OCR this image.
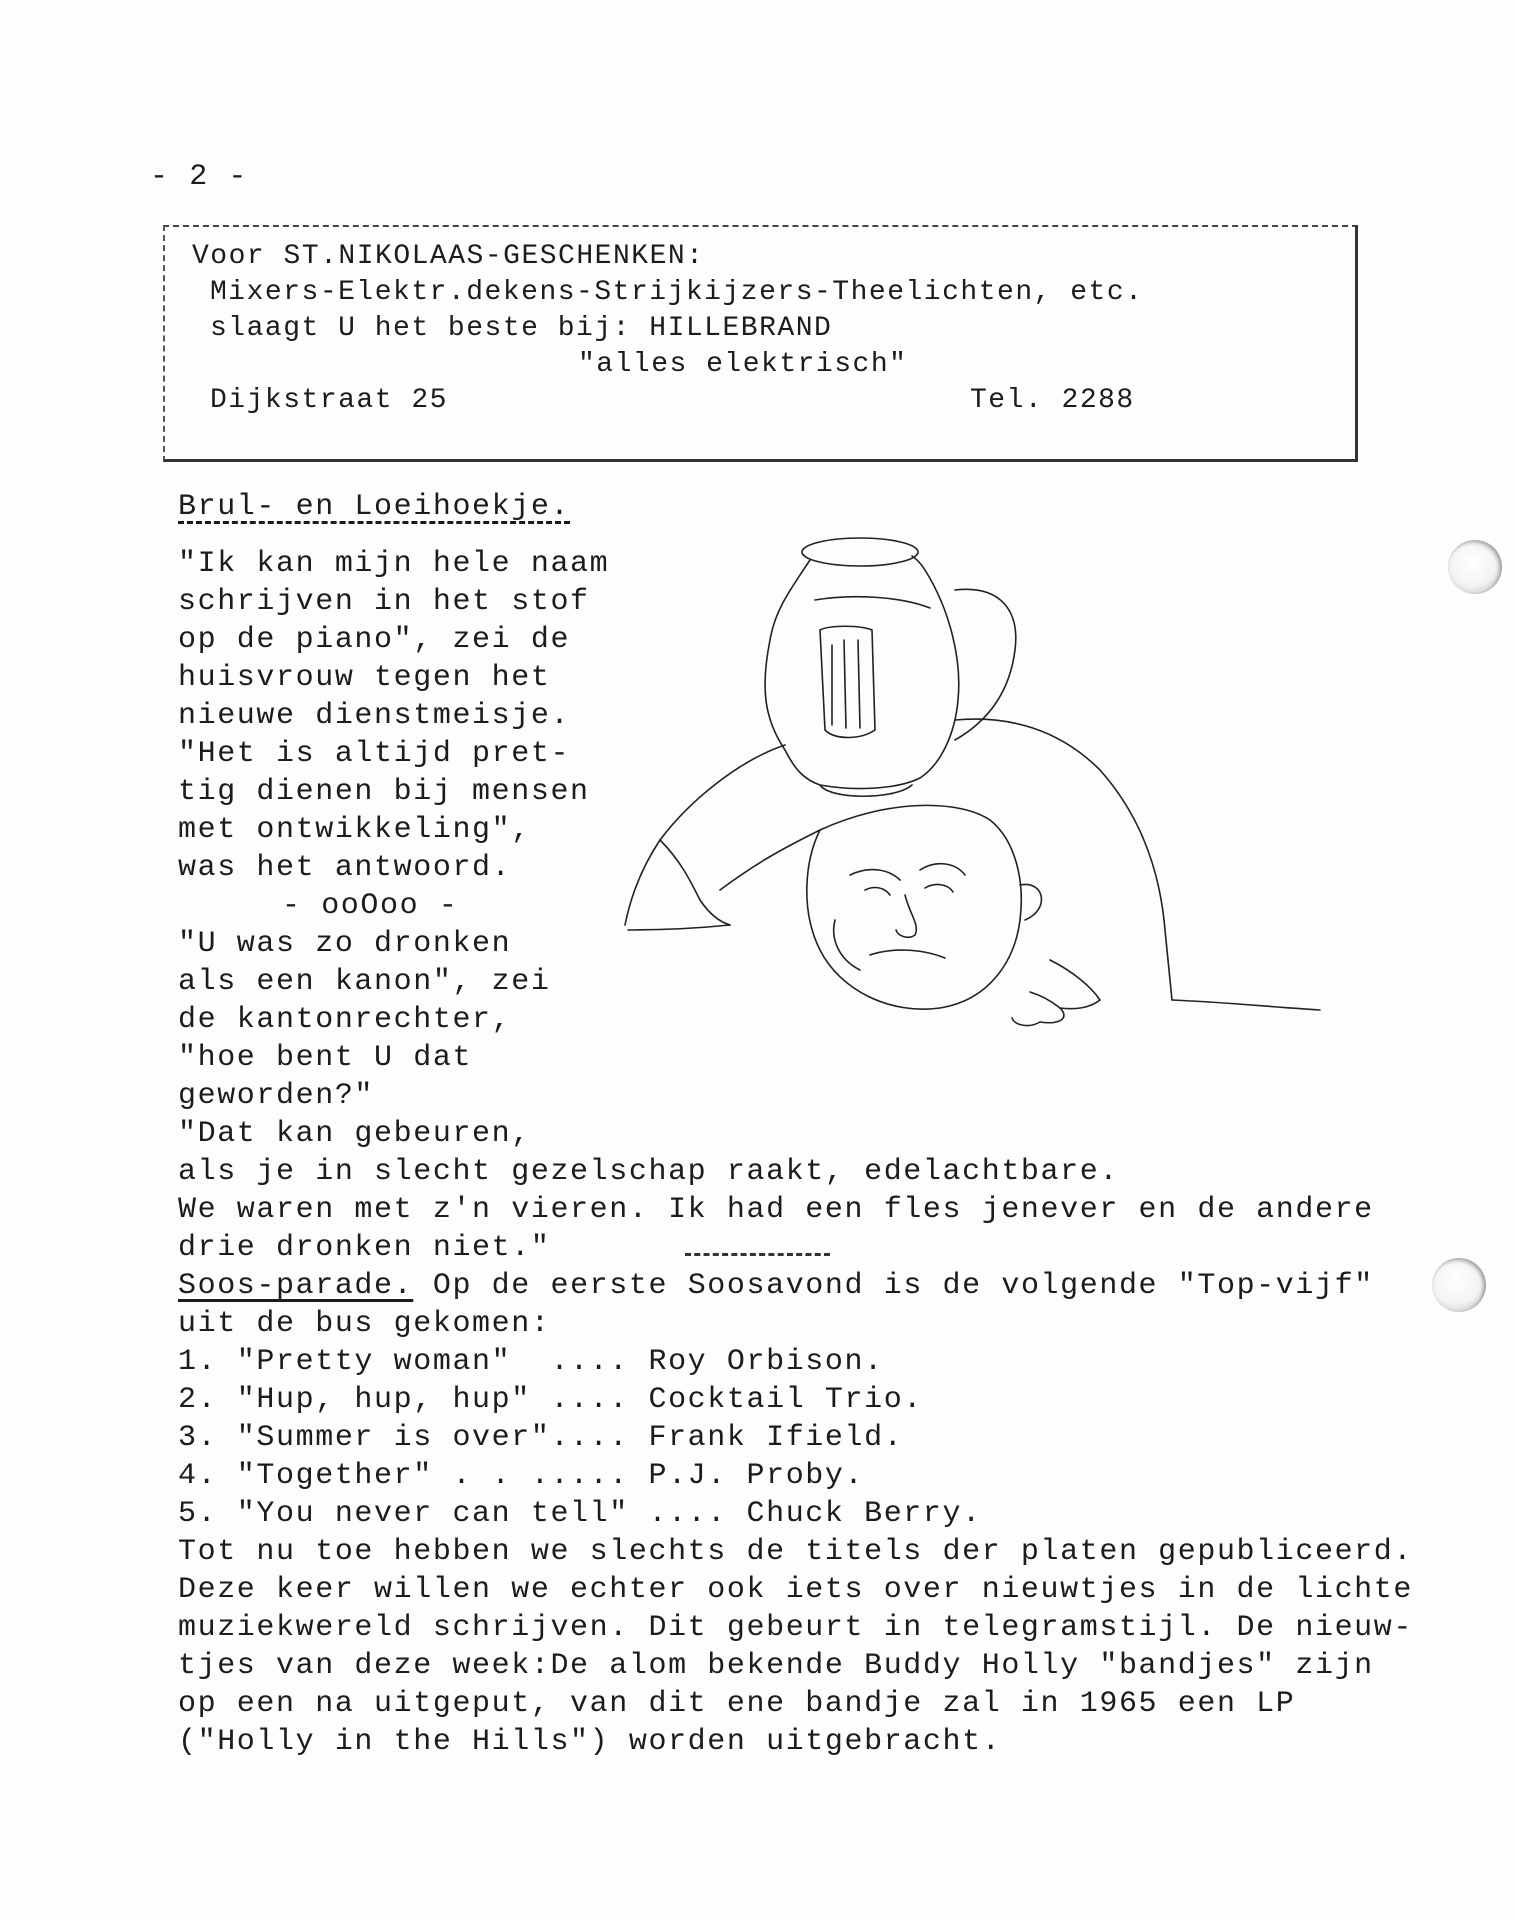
- 2 -
Voor ST.NIKOLAAS-GESCHENKEN:
Mixers-Elektr.dekens-Strijkijzers-Theelichten, etc.
slaagt U het beste bij: HILLEBRAND
"alles elektrisch"
Dijkstraat 25	Tel. 2288
Brul- en Loeihoekje.
"Ik kan mijn hele naam
schrijven in het stof
op de piano", zei de
huisvrouw tegen het
nieuwe dienstmeisje.
"Het is altijd pret-
tig dienen bij mensen
met ontwikkeling",
was het antwoord.
- ooOoo -
"U was zo dronken
als een kanon", zei
de kantonrechter,
"hoe bent U dat
geworden?"
"Dat kan gebeuren,
als je in slecht gezelschap raakt, edelachtbare.
We waren met z'n vieren. Ik had een fles jenever en de andere
drie dronken niet."
Soos-parade. Op de eerste Soosavond is de volgende "Top-vijf"
uit de bus gekomen:
1. "Pretty woman"  .... Roy Orbison.
2. "Hup, hup, hup" .... Cocktail Trio.
3. "Summer is over".... Frank Ifield.
4. "Together" . . ..... P.J. Proby.
5. "You never can tell" .... Chuck Berry.
Tot nu toe hebben we slechts de titels der platen gepubliceerd.
Deze keer willen we echter ook iets over nieuwtjes in de lichte
muziekwereld schrijven. Dit gebeurt in telegramstijl. De nieuw-
tjes van deze week:De alom bekende Buddy Holly "bandjes" zijn
op een na uitgeput, van dit ene bandje zal in 1965 een LP
("Holly in the Hills") worden uitgebracht.
